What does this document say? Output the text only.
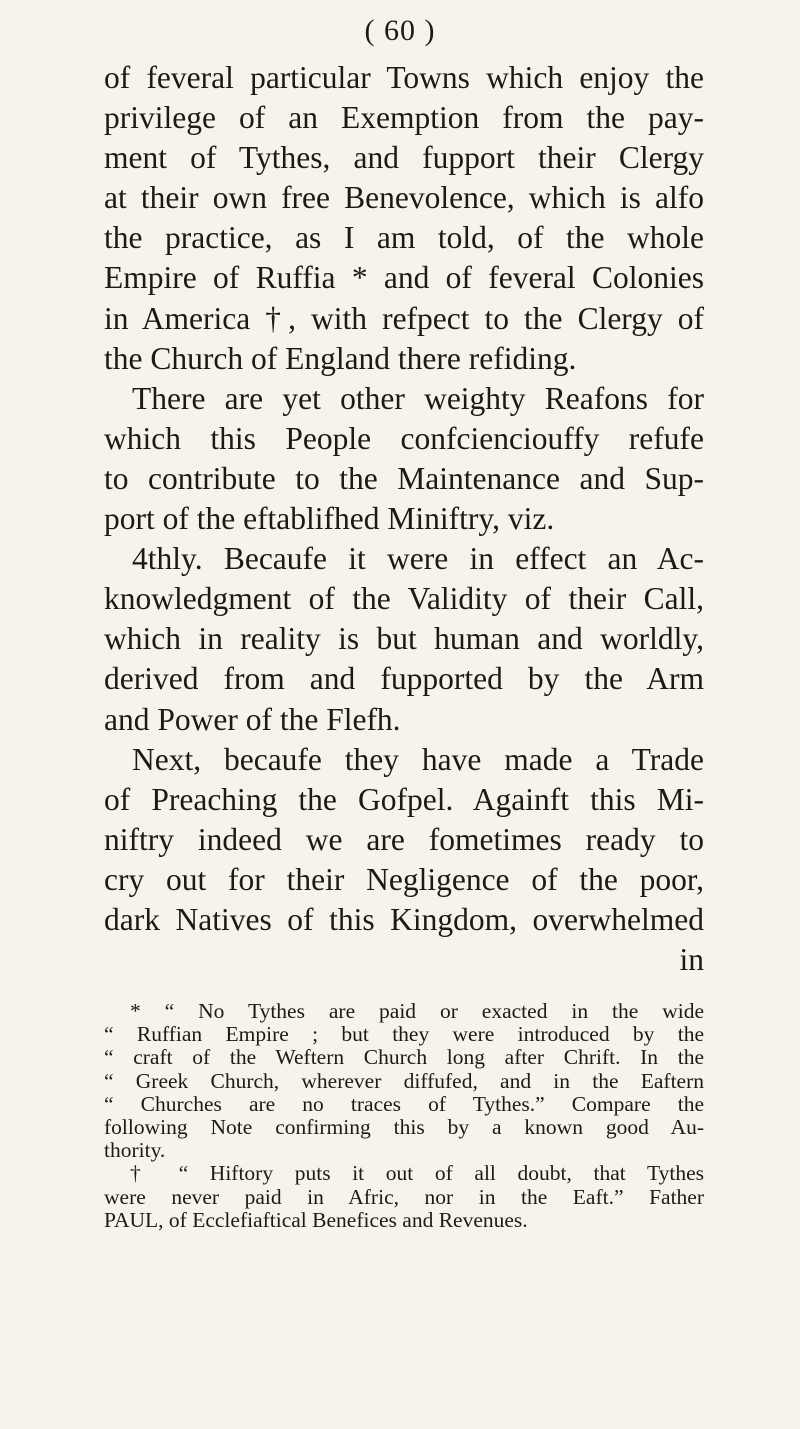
( 60 )
of feveral particular Towns which enjoy the
privilege of an Exemption from the pay-
ment of Tythes, and fupport their Clergy
at their own free Benevolence, which is alfo
the practice, as I am told, of the whole
Empire of Ruffia * and of feveral Colonies
in America †, with refpect to the Clergy of
the Church of England there refiding.
There are yet other weighty Reafons for
which this People confcienciouffy refufe
to contribute to the Maintenance and Sup-
port of the eftablifhed Miniftry, viz.
4thly. Becaufe it were in effect an Ac-
knowledgment of the Validity of their Call,
which in reality is but human and worldly,
derived from and fupported by the Arm
and Power of the Flefh.
Next, becaufe they have made a Trade
of Preaching the Gofpel. Againft this Mi-
niftry indeed we are fometimes ready to
cry out for their Negligence of the poor,
dark Natives of this Kingdom, overwhelmed
in
* “ No Tythes are paid or exacted in the wide
“ Ruffian Empire ; but they were introduced by the
“ craft of the Weftern Church long after Chrift. In the
“ Greek Church, wherever diffufed, and in the Eaftern
“ Churches are no traces of Tythes.” Compare the
following Note confirming this by a known good Au-
thority.
† “ Hiftory puts it out of all doubt, that Tythes
were never paid in Afric, nor in the Eaft.” Father
PAUL, of Ecclefiaftical Benefices and Revenues.
